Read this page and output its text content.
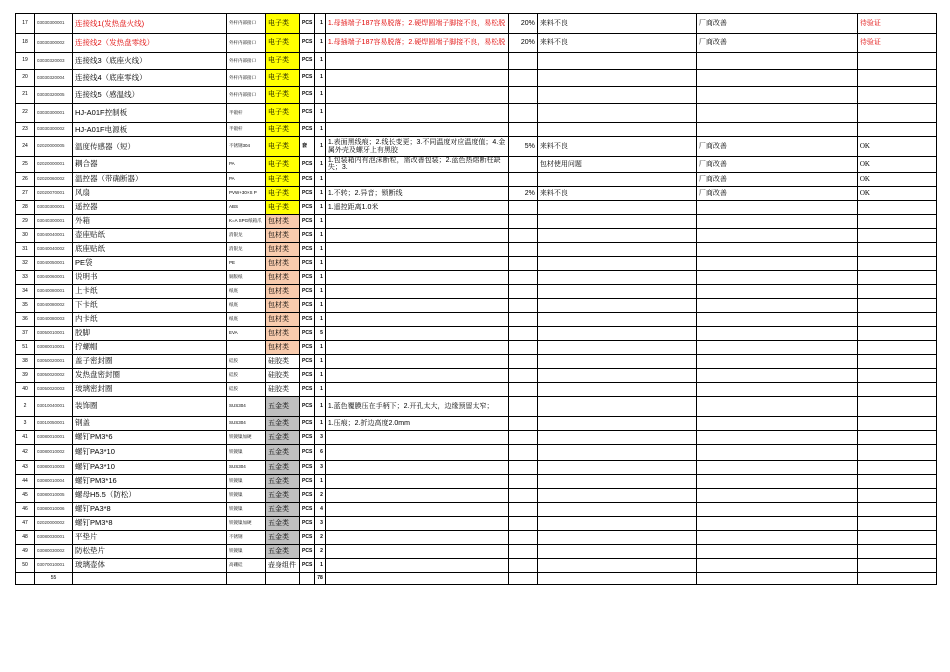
17	03030300001	连接线1(发热盘火线)	外杆内部接口	电子类	PCS	1	1.母插端子187容易脱落；2.硬焊圆端子脚接不良，易松脱	20%	来料不良	厂商改善	待验证
18	03030300002	连接线2（发热盘零线）	外杆内部接口	电子类	PCS	1	1.母插端子187容易脱落；2.硬焊圆端子脚接不良，易松脱	20%	来料不良	厂商改善	待验证
19	03030320003	连接线3（底座火线）	外杆内部接口	电子类	PCS	1					
20	03030320004	连接线4（底座零线）	外杆内部接口	电子类	PCS	1					
21	03030320005	连接线5（感温线）	外杆内部接口	电子类	PCS	1					
22	03030300001	HJ-A01F控制板	半锻杆	电子类	PCS	1					
23	03030300002	HJ-A01F电源板	半锻杆	电子类	PCS	1					
24	02020000005	温度传感器（短）	不锈钢304	电子类	套	1	1.表面黑线痕；2.线长变更；3.不同温度对应温度值；4.金属外壳及螺牙上有黑胶	5%	来料不良	厂商改善	OK
25	02020000001	耦合器	PA	电子类	PCS	1	1.包装箱内有泡沫断粒，需改善包装；2.蓝色热熔断柱缺失；3.		包材使用问题	厂商改善	OK
26	02020060002	温控器（带确断器）	PA	电子类	PCS	1				厂商改善	OK
27	02020070001	风扇	PVW+30×S P	电子类	PCS	1	1.不转；2.异音；锁断线	2%	来料不良	厂商改善	OK
28	03030300001	遥控器	ABS	电子类	PCS	1	1.遥控距离1.0米				
29	03040300001	外箱	K=A SPG纸箱爪	包材类	PCS	1					
30	03040040001	壶座贴纸	消银龙	包材类	PCS	1					
31	03040040002	底座贴纸	消银龙	包材类	PCS	1					
32	03040050001	PE袋	PE	包材类	PCS	1					
33	03040060001	说明书	铜版纸	包材类	PCS	1					
34	03040080001	上卡纸	纸底	包材类	PCS	1					
35	03040080002	下卡纸	纸底	包材类	PCS	1					
36	03040080003	内卡纸	纸底	包材类	PCS	1					
37	03050010001	胶脚	EVA	包材类	PCS	5					
51	03080010001	拧螺帽		包材类	PCS	1					
38	03050020001	盖子密封圈	硅胶	硅胶类	PCS	1					
39	03050020002	发热盘密封圈	硅胶	硅胶类	PCS	1					
40	03050020003	玻璃密封圈	硅胶	硅胶类	PCS	1					
2	03010040001	装饰圈	SUS304	五金类	PCS	1	1.蓝色覆膜压在手柄下；2.开孔太大，边缘预留太窄；				
3	03010050001	钢盖	SUS304	五金类	PCS	1	1.压痕；2.折边高度2.0mm				
41	03080010001	螺钉PM3*6	铁镀镍加硬	五金类	PCS	3					
42	03080010002	螺钉PA3*10	铁镀镍	五金类	PCS	6					
43	03080010003	螺钉PA3*10	SUS304	五金类	PCS	3					
44	03080010004	螺钉PM3*16	铁镀镍	五金类	PCS	1					
45	03080010005	螺母H5.5（防松）	铁镀镍	五金类	PCS	2					
46	03080010006	螺钉PA3*8	铁镀镍	五金类	PCS	4					
47	02020000002	螺钉PM3*8	铁镀镍加硬	五金类	PCS	3					
48	03080030001	平垫片	不锈钢	五金类	PCS	2					
49	03080030002	防松垫片	铁镀镍	五金类	PCS	2					
50	03070010001	玻璃壶体	高硼硅	壶身组件	PCS	1					
	55					78					
